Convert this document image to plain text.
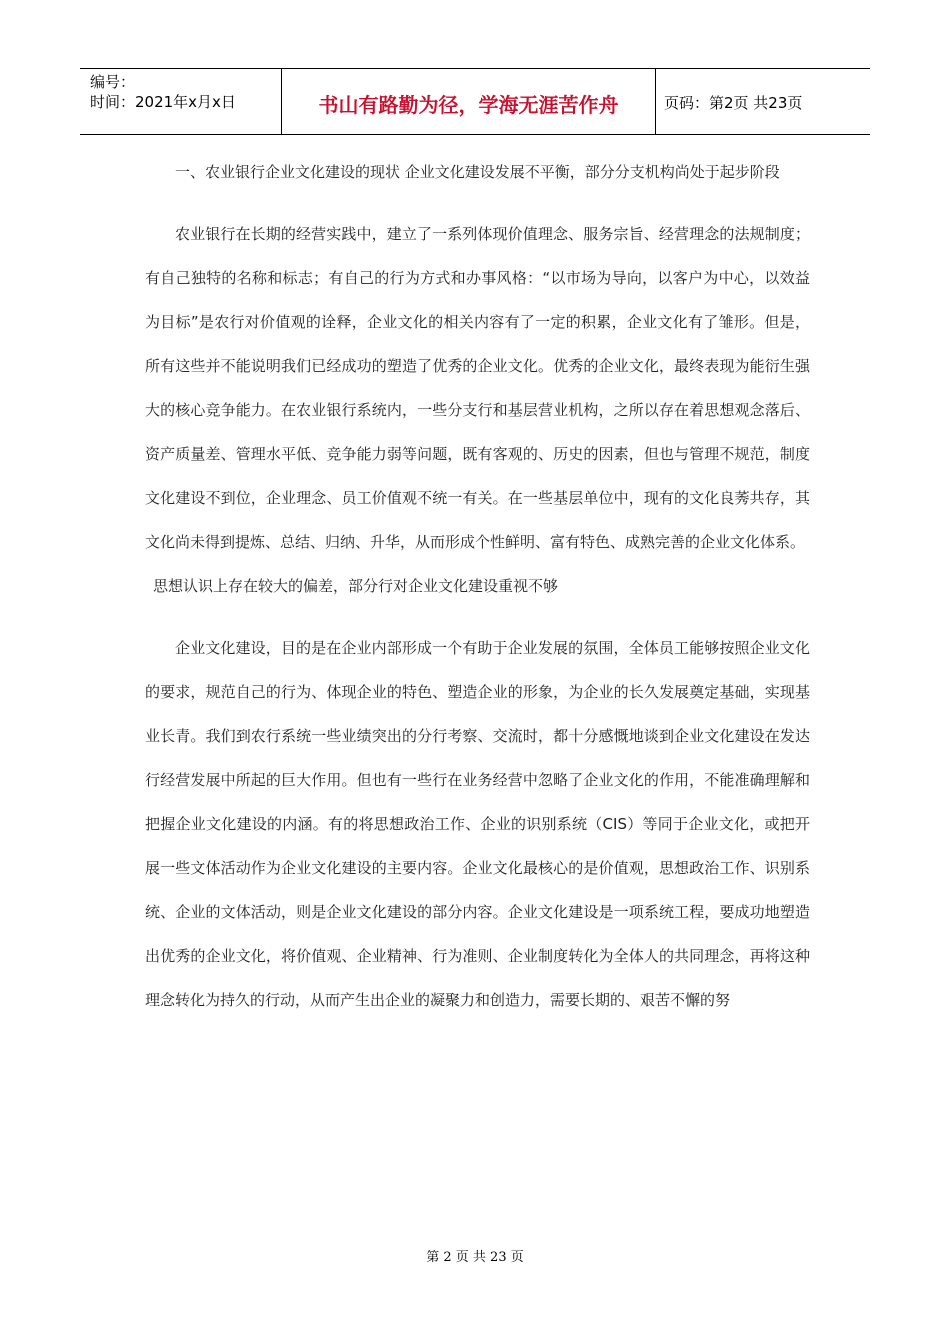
编号：
时间：2021年x月x日	书山有路勤为径，学海无涯苦作舟	页码：第2页 共23页

一、农业银行企业文化建设的现状 企业文化建设发展不平衡，部分分支机构尚处于起步阶段

农业银行在长期的经营实践中，建立了一系列体现价值理念、服务宗旨、经营理念的法规制度；有自己独特的名称和标志；有自己的行为方式和办事风格：“以市场为导向，以客户为中心，以效益为目标”是农行对价值观的诠释，企业文化的相关内容有了一定的积累，企业文化有了雏形。但是，所有这些并不能说明我们已经成功的塑造了优秀的企业文化。优秀的企业文化，最终表现为能衍生强大的核心竞争能力。在农业银行系统内，一些分支行和基层营业机构，之所以存在着思想观念落后、资产质量差、管理水平低、竞争能力弱等问题，既有客观的、历史的因素，但也与管理不规范，制度文化建设不到位，企业理念、员工价值观不统一有关。在一些基层单位中，现有的文化良莠共存，其文化尚未得到提炼、总结、归纳、升华，从而形成个性鲜明、富有特色、成熟完善的企业文化体系。

思想认识上存在较大的偏差，部分行对企业文化建设重视不够

企业文化建设，目的是在企业内部形成一个有助于企业发展的氛围，全体员工能够按照企业文化的要求，规范自己的行为、体现企业的特色、塑造企业的形象，为企业的长久发展奠定基础，实现基业长青。我们到农行系统一些业绩突出的分行考察、交流时，都十分感慨地谈到企业文化建设在发达行经营发展中所起的巨大作用。但也有一些行在业务经营中忽略了企业文化的作用，不能准确理解和把握企业文化建设的内涵。有的将思想政治工作、企业的识别系统（CIS）等同于企业文化，或把开展一些文体活动作为企业文化建设的主要内容。企业文化最核心的是价值观，思想政治工作、识别系统、企业的文体活动，则是企业文化建设的部分内容。企业文化建设是一项系统工程，要成功地塑造出优秀的企业文化，将价值观、企业精神、行为准则、企业制度转化为全体人的共同理念，再将这种理念转化为持久的行动，从而产生出企业的凝聚力和创造力，需要长期的、艰苦不懈的努

第 2 页 共 23 页
